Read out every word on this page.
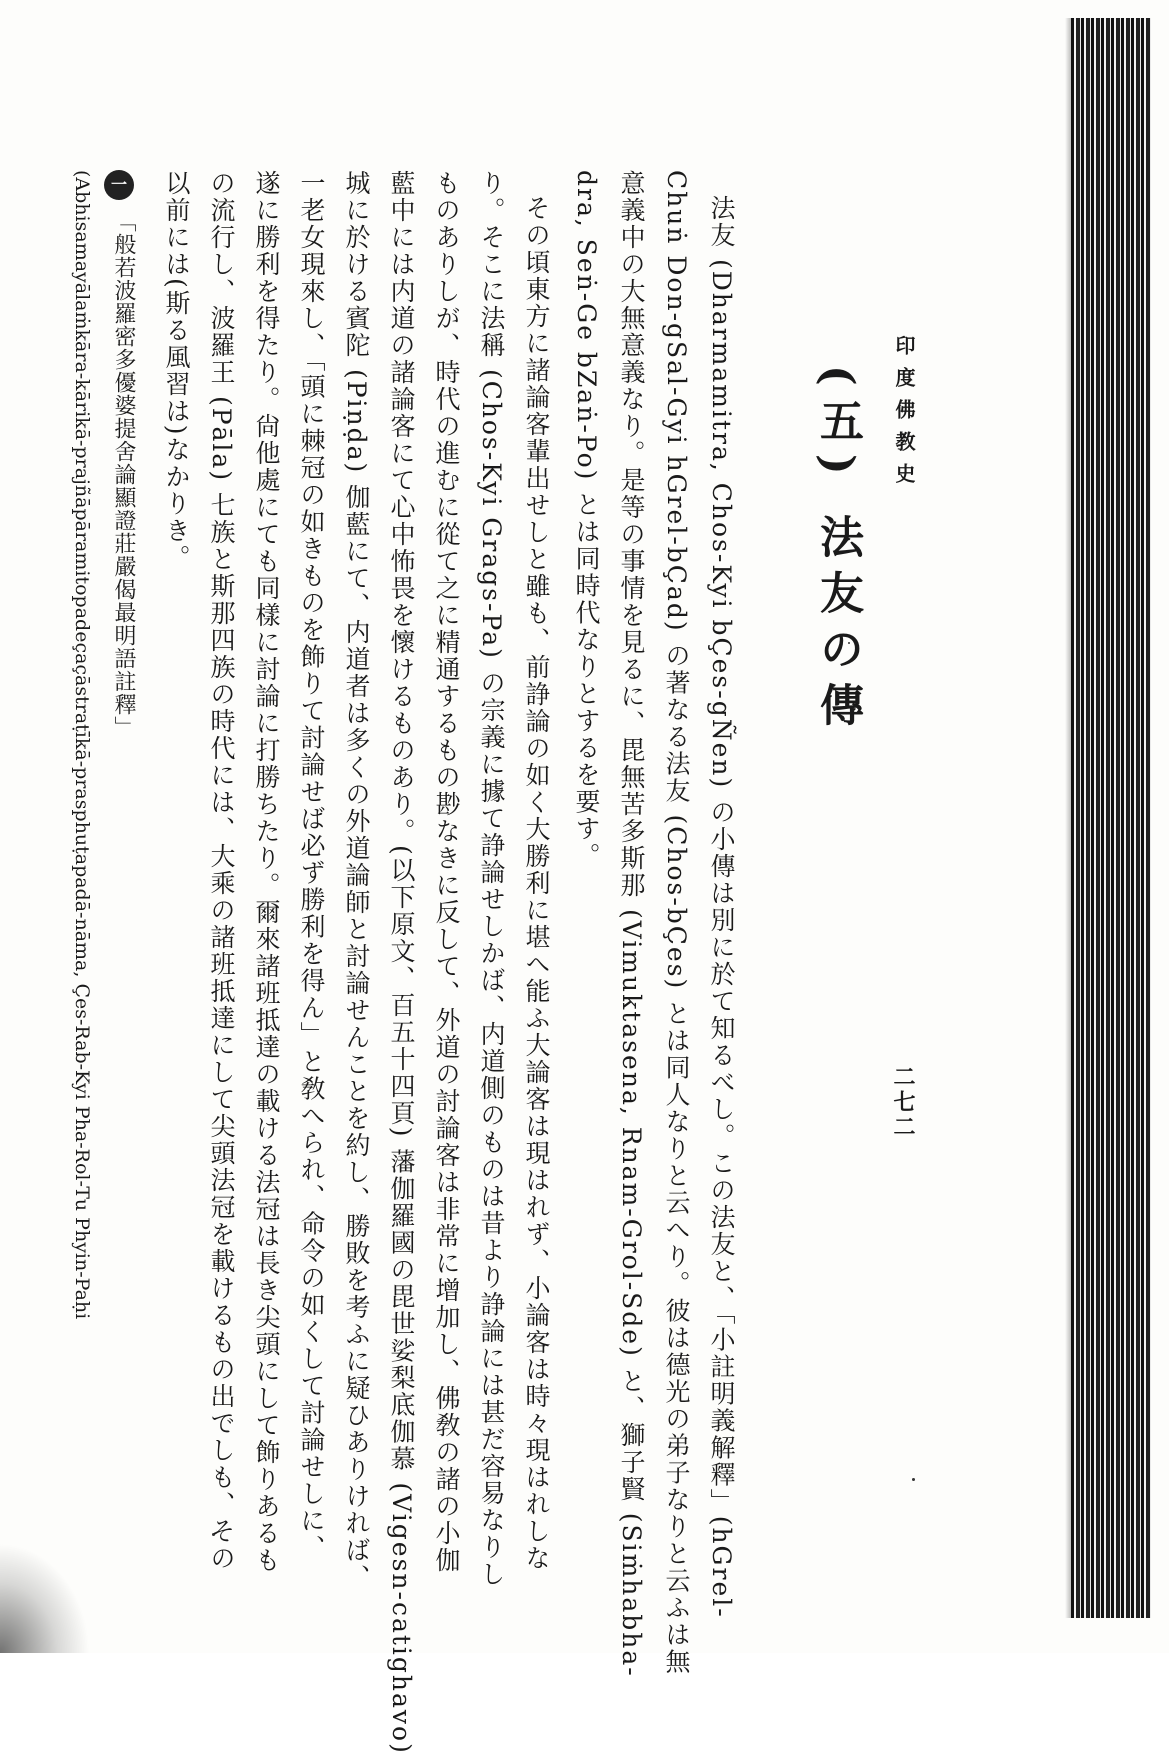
印度佛教史
二七二
(五) 法友の傳
法友 (Dharmamitra, Chos-Kyi bÇes-gÑen) の小傳は別に於て知るべし。この法友と、「小註明義解釋」(hGrel-
Chuṅ Don-gSal-Gyi hGrel-bÇad) の著なる法友 (Chos-bÇes) とは同人なりと云へり。彼は德光の弟子なりと云ふは無
意義中の大無意義なり。是等の事情を見るに、毘無苦多斯那 (Vimuktasena, Rnam-Grol-Sde) と、獅子賢 (Siṁhabha-
dra, Seṅ-Ge bZaṅ-Po) とは同時代なりとするを要す。
その頃東方に諸論客輩出せしと雖も、前諍論の如く大勝利に堪へ能ふ大論客は現はれず、小論客は時々現はれしな
り。そこに法稱 (Chos-Kyi Grags-Pa) の宗義に據て諍論せしかば、内道側のものは昔より諍論には甚だ容易なりし
ものありしが、時代の進むに從て之に精通するもの尠なきに反して、外道の討論客は非常に增加し、佛敎の諸の小伽
藍中には内道の諸論客にて心中怖畏を懷けるものあり。(以下原文、百五十四頁) 藩伽羅國の毘世娑梨底伽慕 (Vigesn-catighavo)
城に於ける賓陀 (Piṇḍa) 伽藍にて、内道者は多くの外道論師と討論せんことを約し、勝敗を考ふに疑ひありければ、
一老女現來し、「頭に棘冠の如きものを飾りて討論せば必ず勝利を得ん」と敎へられ、命令の如くして討論せしに、
遂に勝利を得たり。尙他處にても同樣に討論に打勝ちたり。爾來諸班抵達の載ける法冠は長き尖頭にして飾りあるも
の流行し、波羅王 (Pāla) 七族と斯那四族の時代には、大乘の諸班抵達にして尖頭法冠を載けるもの出でしも、その
以前には(斯る風習は)なかりき。
一
「般若波羅密多優婆提舍論顯證莊嚴偈最明語註釋」
(Abhisamayālaṁkāra-kārikā-prajñāpāramitopadeçaçāstraṭīkā-prasphuṭapadā-nāma, Çes-Rab-Kyi Pha-Rol-Tu Phyin-Paḥi
